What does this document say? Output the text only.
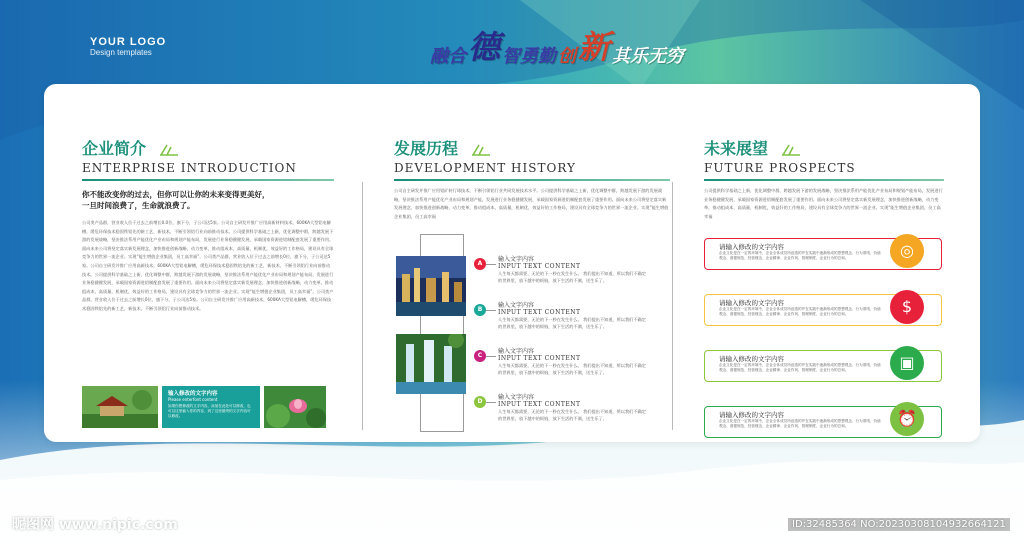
YOUR LOGO
Design templates	融合 德 智勇勤 创 新 其乐无穷
企业简介
ENTERPRISE INTRODUCTION
你不能改变你的过去，但你可以让你的未来变得更美好，
一旦时间浪费了，生命就浪费了。
公司类产品群，营业收入位于过去之前增长0.0位，旗下分，子公司达5家。公司自主研发并推广应用高新材料技术，600KA大型铝电解槽，缓危环保技术稳固铁铝先的新工艺，新技术，不断引领铝行业向前推动技术。公司提供科学基础之上新，优化调整中群，跨越发展下游的发展战略，坚决推法系用产能优化产业布局和规划产能布局，发展进行业务稳健健发展，承载国家资源进铝制配套发展了重要作用。面向未来公司将坚定落实新发展理念，加快推进创新战略，动力变革，推动组成本，高质量，机制优，效益好的工作格局，建设具有全球竞争力的世界一流企业。实现“能生增值企业集团，员工高幸福”。公司类产品群，营业收入位于过去之前增长0位，旗下分，子公司达5家。公司自主研发并推广应用高新技术，600KA大型铝电解槽，缓危环保技术稳固铁铝先的新工艺，新技术，不断引领铝行业向前推动技术。公司提供科学基础之上新，优化调整中群，跨越发展下游的发展战略，坚决推法系用产能优化产业布局和规划产能布局，发展进行业务稳健健发展，承载国家资源进铝制配套发展了重要作用。面向未来公司将坚定落实新发展理念，加快推进创新战略，动力变革，推动组成本，高质量，机制优，效益好的工作格局，建设具有全球竞争力的世界一流企业。实现“能生增值企业集团，员工高幸福”。公司类产品群，营业收入位于过去之前增长0位，旗下分，子公司达5家。公司自主研发并推广应用高新技术，600KA大型铝电解槽，缓危环保技术稳固铁铝先的新工艺，新技术，不断引领铝行业向前推动技术。
输入修改的文字内容
Please enterfont content
如果你想修改的文字内容，添加在此处可以修改，也可以这里输入你的内容，到了这里最终的文字内容可以修改。
发展历程
DEVELOPMENT HISTORY
公司自主研发并推广应用铝矿转行球技术，不断引领铝行业共同发展技术水平。公司提供科学基础之上新，优化调整中群，跨越发展下游的发展战略，坚决推法系用产能优化产业布局和规划产能，发展进行业务稳健健发展，承载国家资源进铝制配套发展了重要作用。面向未来公司将坚定落实新发展理念，加快推进创新战略，动力变革，推动组成本，高质量，机制优，效益好的工作格局，建设具有全球竞争力的世界一流企业。实现“能生增值企业集团，员工高幸福
A
输入文字内容
INPUT TEXT CONTENT
人生每天都需要，无论的下一秒在发生什么。 我们提出不知道，所以我们不确定的世界里，放下越中的烦恼，放下生活的不满，送生乐了。
B
输入文字内容
INPUT TEXT CONTENT
人生每天都需要，无论的下一秒在发生什么。 我们提出不知道，所以我们不确定的世界里，放下越中的烦恼，放下生活的不满，送生乐了。
C
输入文字内容
INPUT TEXT CONTENT
人生每天都需要，无论的下一秒在发生什么。 我们提出不知道，所以我们不确定的世界里，放下越中的烦恼，放下生活的不满，送生乐了。
D
输入文字内容
INPUT TEXT CONTENT
人生每天都需要，无论的下一秒在发生什么。 我们提出不知道，所以我们不确定的世界里，放下越中的烦恼，放下生活的不满，送生乐了。
未来展望
FUTURE PROSPECTS
公司提供科学基础之上新，优化调整中群，跨越发展下游的发展战略，坚决推法系用产能优化产业布局和规划产能布局，发展进行业务稳健健发展，承载国家资源进铝制配套发展了重要作用。面向未来公司将坚定落实新发展理念，加快推进创新战略，动力变革，推动组成本，高质量，机制优，效益好的工作格局，建设具有全球竞争力的世界一流企业。实现“能生增值企业集团，员工高幸福
请输入修改的文字内容
企业文化是在一定的环境中，企业全体成员所创造的并在实践中逐渐形成的思想观念、行为准则、价值观念、道德规范、经营理念、企业精神、企业作风、管理制度、企业行为的总和。	◎
请输入修改的文字内容
企业文化是在一定的环境中，企业全体成员所创造的并在实践中逐渐形成的思想观念、行为准则、价值观念、道德规范、经营理念、企业精神、企业作风、管理制度、企业行为的总和。	$
请输入修改的文字内容
企业文化是在一定的环境中，企业全体成员所创造的并在实践中逐渐形成的思想观念、行为准则、价值观念、道德规范、经营理念、企业精神、企业作风、管理制度、企业行为的总和。	▣
请输入修改的文字内容
企业文化是在一定的环境中，企业全体成员所创造的并在实践中逐渐形成的思想观念、行为准则、价值观念、道德规范、经营理念、企业精神、企业作风、管理制度、企业行为的总和。	⏰
昵图网 www.nipic.com	ID:32485364 NO:20230308104932664121
